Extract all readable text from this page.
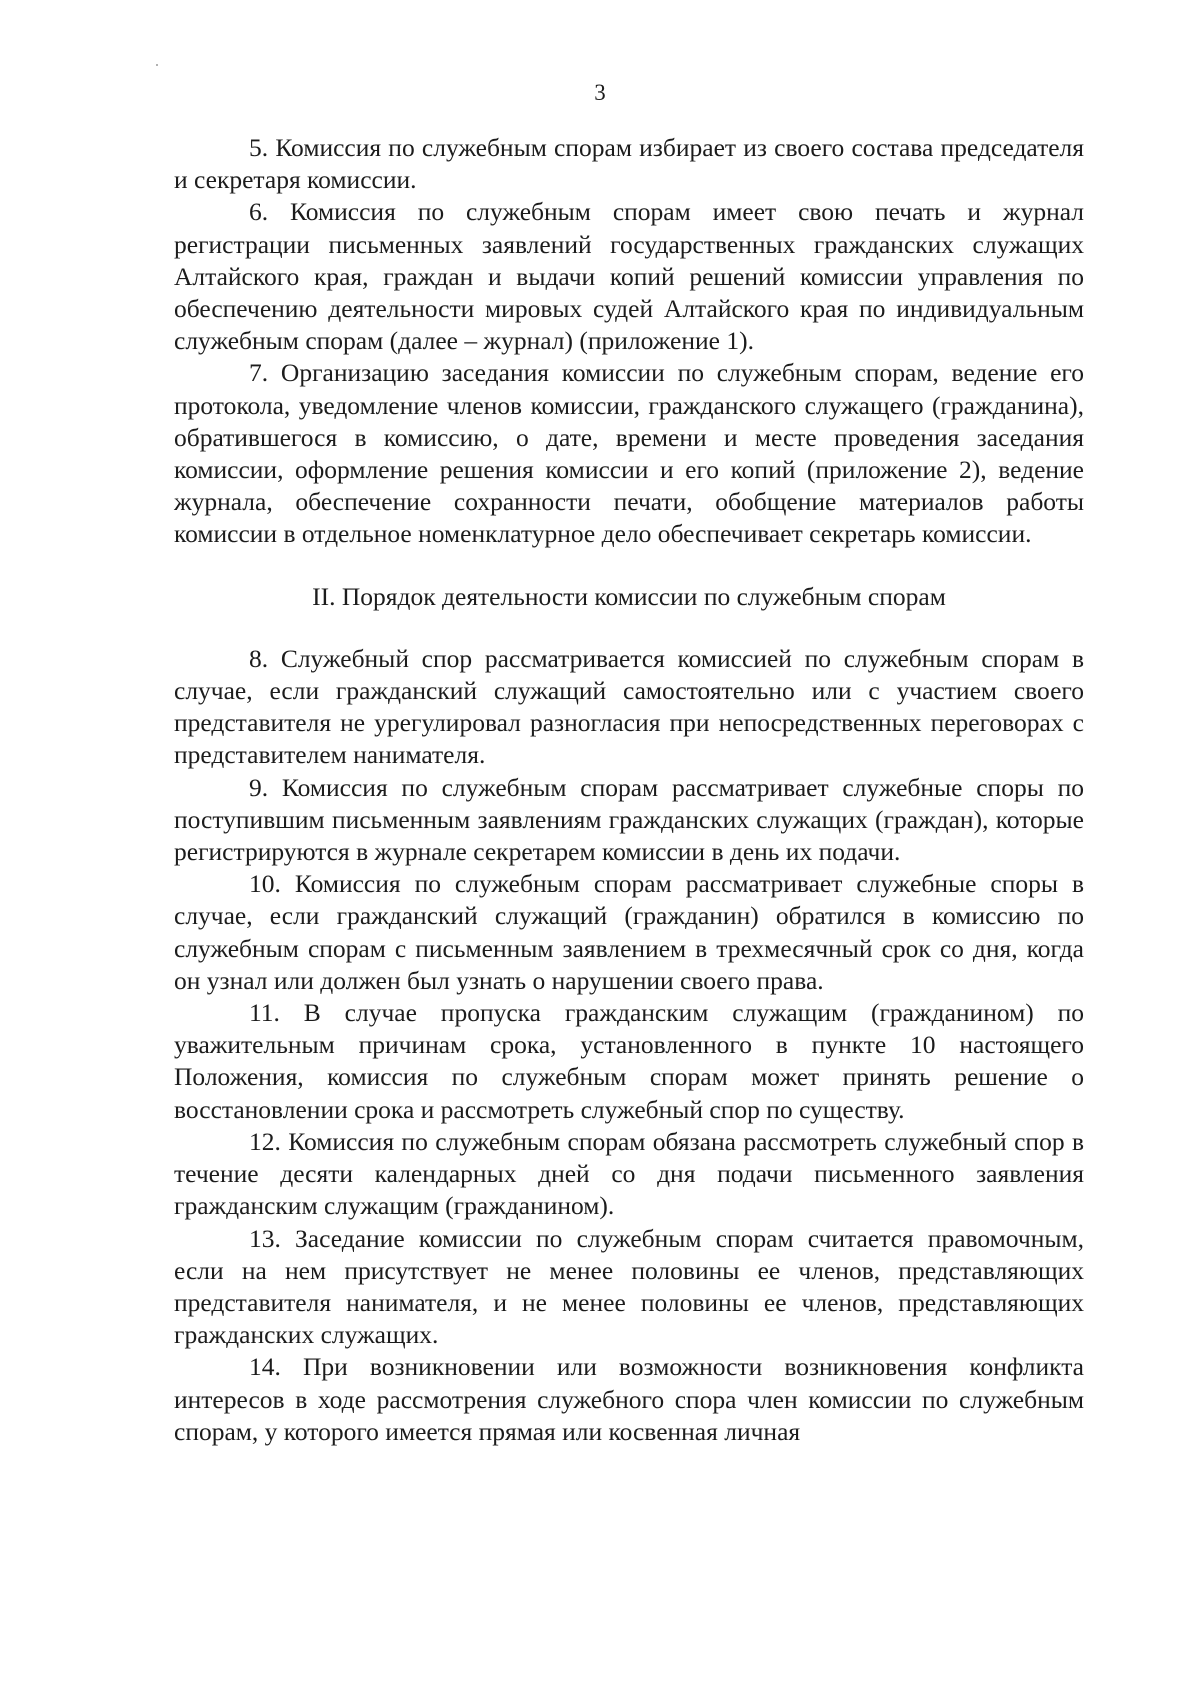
3

5. Комиссия по служебным спорам избирает из своего состава председателя и секретаря комиссии.

6. Комиссия по служебным спорам имеет свою печать и журнал регистрации письменных заявлений государственных гражданских служащих Алтайского края, граждан и выдачи копий решений комиссии управления по обеспечению деятельности мировых судей Алтайского края по индивидуальным служебным спорам (далее – журнал) (приложение 1).

7. Организацию заседания комиссии по служебным спорам, ведение его протокола, уведомление членов комиссии, гражданского служащего (гражданина), обратившегося в комиссию, о дате, времени и месте проведения заседания комиссии, оформление решения комиссии и его копий (приложение 2), ведение журнала, обеспечение сохранности печати, обобщение материалов работы комиссии в отдельное номенклатурное дело обеспечивает секретарь комиссии.

II. Порядок деятельности комиссии по служебным спорам

8. Служебный спор рассматривается комиссией по служебным спорам в случае, если гражданский служащий самостоятельно или с участием своего представителя не урегулировал разногласия при непосредственных переговорах с представителем нанимателя.

9. Комиссия по служебным спорам рассматривает служебные споры по поступившим письменным заявлениям гражданских служащих (граждан), которые регистрируются в журнале секретарем комиссии в день их подачи.

10. Комиссия по служебным спорам рассматривает служебные споры в случае, если гражданский служащий (гражданин) обратился в комиссию по служебным спорам с письменным заявлением в трехмесячный срок со дня, когда он узнал или должен был узнать о нарушении своего права.

11. В случае пропуска гражданским служащим (гражданином) по уважительным причинам срока, установленного в пункте 10 настоящего Положения, комиссия по служебным спорам может принять решение о восстановлении срока и рассмотреть служебный спор по существу.

12. Комиссия по служебным спорам обязана рассмотреть служебный спор в течение десяти календарных дней со дня подачи письменного заявления гражданским служащим (гражданином).

13. Заседание комиссии по служебным спорам считается правомочным, если на нем присутствует не менее половины ее членов, представляющих представителя нанимателя, и не менее половины ее членов, представляющих гражданских служащих.

14. При возникновении или возможности возникновения конфликта интересов в ходе рассмотрения служебного спора член комиссии по служебным спорам, у которого имеется прямая или косвенная личная
